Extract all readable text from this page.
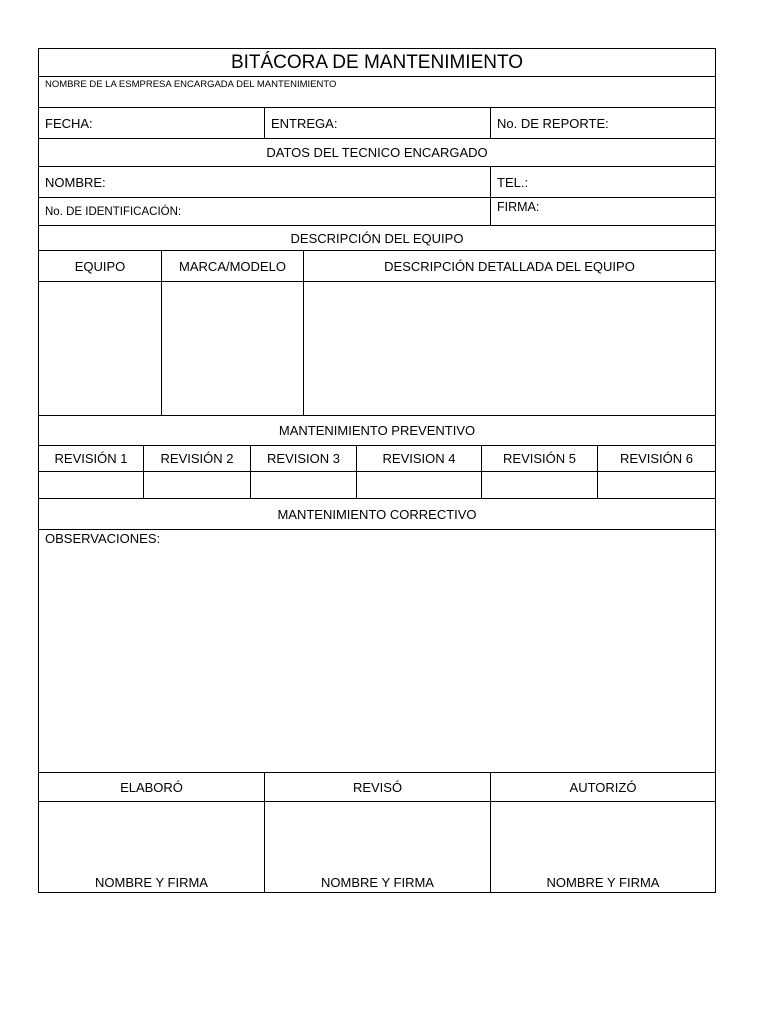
BITÁCORA DE MANTENIMIENTO
NOMBRE DE LA ESMPRESA ENCARGADA DEL MANTENIMIENTO
FECHA:	ENTREGA:	No. DE REPORTE:
DATOS DEL TECNICO ENCARGADO
NOMBRE:	TEL.:
No. DE IDENTIFICACIÓN:	FIRMA:
DESCRIPCIÓN DEL EQUIPO
EQUIPO	MARCA/MODELO	DESCRIPCIÓN DETALLADA DEL EQUIPO
MANTENIMIENTO PREVENTIVO
REVISIÓN 1	REVISIÓN 2	REVISION 3	REVISION 4	REVISIÓN 5	REVISIÓN 6
MANTENIMIENTO CORRECTIVO
OBSERVACIONES:
ELABORÓ	REVISÓ	AUTORIZÓ
NOMBRE Y FIRMA	NOMBRE Y FIRMA	NOMBRE Y FIRMA
